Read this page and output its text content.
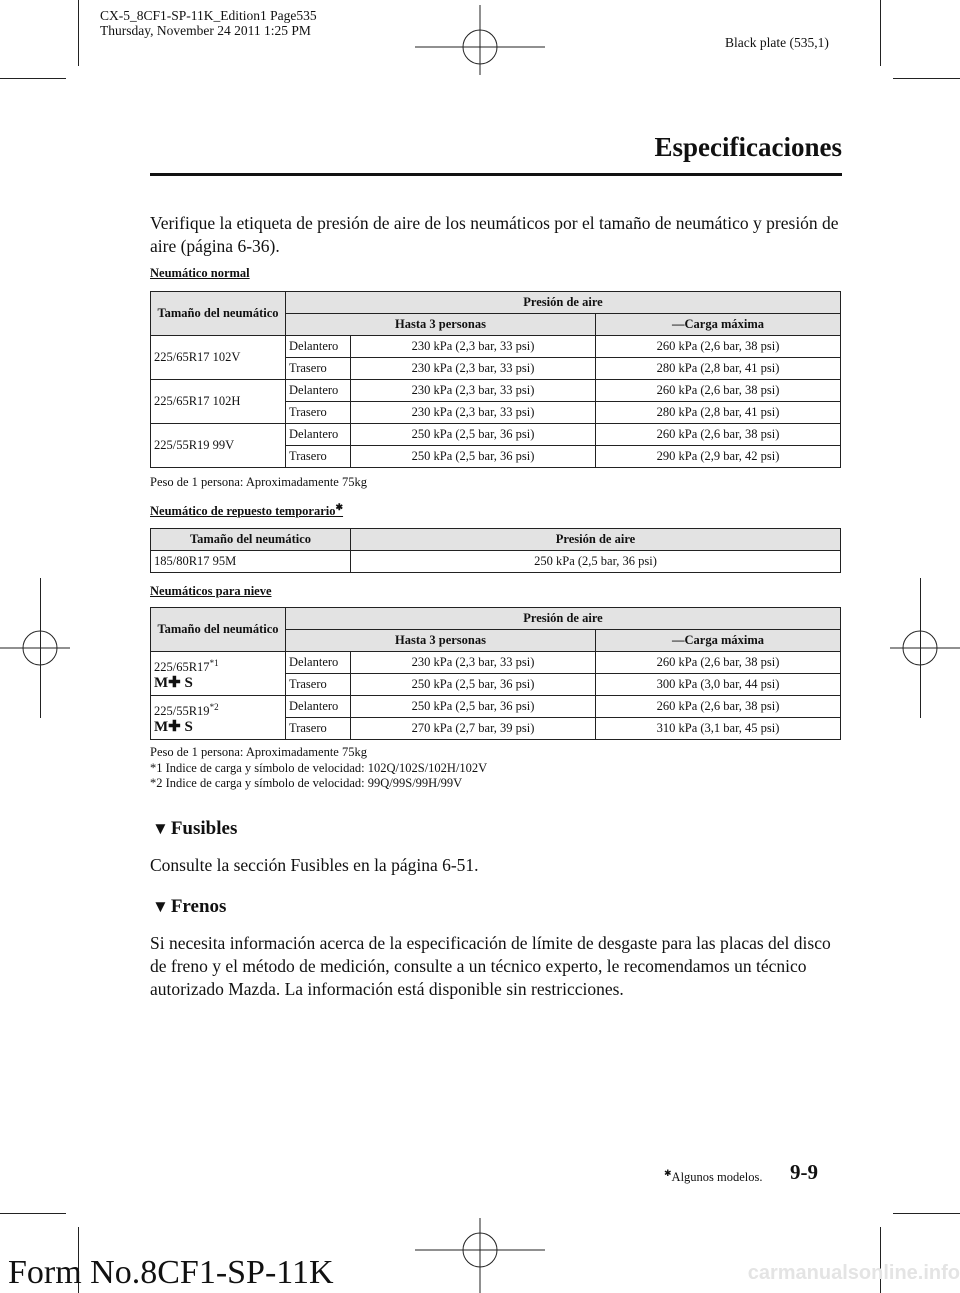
CX-5_8CF1-SP-11K_Edition1 Page535
Thursday, November 24 2011 1:25 PM
Black plate (535,1)
Especificaciones
Verifique la etiqueta de presión de aire de los neumáticos por el tamaño de neumático y presión de aire (página 6-36).
Neumático normal
Tamaño del neumático	Presión de aire		
	Hasta 3 personas		—Carga máxima
225/65R17 102V	Delantero	230 kPa (2,3 bar, 33 psi)	260 kPa (2,6 bar, 38 psi)
	Trasero	230 kPa (2,3 bar, 33 psi)	280 kPa (2,8 bar, 41 psi)
225/65R17 102H	Delantero	230 kPa (2,3 bar, 33 psi)	260 kPa (2,6 bar, 38 psi)
	Trasero	230 kPa (2,3 bar, 33 psi)	280 kPa (2,8 bar, 41 psi)
225/55R19 99V	Delantero	250 kPa (2,5 bar, 36 psi)	260 kPa (2,6 bar, 38 psi)
	Trasero	250 kPa (2,5 bar, 36 psi)	290 kPa (2,9 bar, 42 psi)
Peso de 1 persona: Aproximadamente 75kg
Neumático de repuesto temporario✱
Tamaño del neumático	Presión de aire
185/80R17 95M	250 kPa (2,5 bar, 36 psi)
Neumáticos para nieve
Tamaño del neumático	Presión de aire		
	Hasta 3 personas		—Carga máxima
225/65R17$^{*1}$
M✚ S	Delantero	230 kPa (2,3 bar, 33 psi)	260 kPa (2,6 bar, 38 psi)
	Trasero	250 kPa (2,5 bar, 36 psi)	300 kPa (3,0 bar, 44 psi)
225/55R19$^{*2}$
M✚ S	Delantero	250 kPa (2,5 bar, 36 psi)	260 kPa (2,6 bar, 38 psi)
	Trasero	270 kPa (2,7 bar, 39 psi)	310 kPa (3,1 bar, 45 psi)
Peso de 1 persona: Aproximadamente 75kg
*1 Indice de carga y símbolo de velocidad: 102Q/102S/102H/102V
*2 Indice de carga y símbolo de velocidad: 99Q/99S/99H/99V
▼ Fusibles
Consulte la sección Fusibles en la página 6-51.
▼ Frenos
Si necesita información acerca de la especificación de límite de desgaste para las placas del disco de freno y el método de medición, consulte a un técnico experto, le recomendamos un técnico autorizado Mazda. La información está disponible sin restricciones.
✱Algunos modelos. 9-9
Form No.8CF1-SP-11K	carmanualsonline.info
